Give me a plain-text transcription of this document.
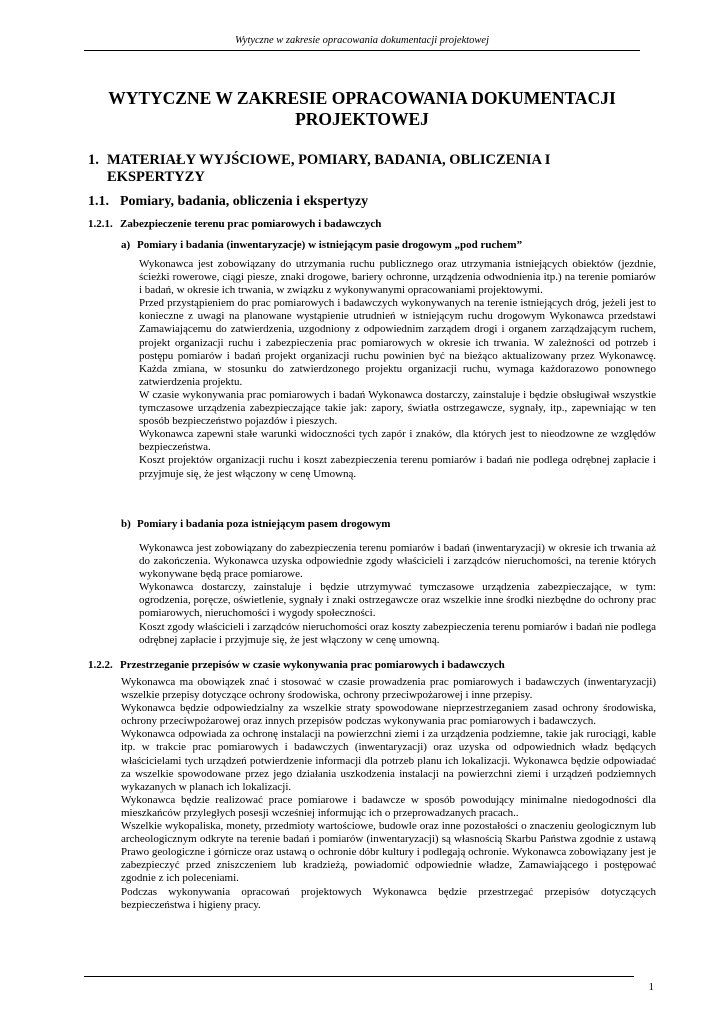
Wytyczne w zakresie opracowania dokumentacji projektowej
WYTYCZNE W ZAKRESIE OPRACOWANIA DOKUMENTACJI PROJEKTOWEJ
1. MATERIAŁY WYJŚCIOWE, POMIARY, BADANIA, OBLICZENIA I EKSPERTYZY
1.1. Pomiary, badania, obliczenia i ekspertyzy
1.2.1. Zabezpieczenie terenu prac pomiarowych i badawczych
a) Pomiary i badania (inwentaryzacje) w istniejącym pasie drogowym „pod ruchem”

Wykonawca jest zobowiązany do utrzymania ruchu publicznego oraz utrzymania istniejących obiektów (jezdnie, ścieżki rowerowe, ciągi piesze, znaki drogowe, bariery ochronne, urządzenia odwodnienia itp.) na terenie pomiarów i badań, w okresie ich trwania, w związku z wykonywanymi opracowaniami projektowymi.

Przed przystąpieniem do prac pomiarowych i badawczych wykonywanych na terenie istniejących dróg, jeżeli jest to konieczne z uwagi na planowane wystąpienie utrudnień w istniejącym ruchu drogowym Wykonawca przedstawi Zamawiającemu do zatwierdzenia, uzgodniony z odpowiednim zarządem drogi i organem zarządzającym ruchem, projekt organizacji ruchu i zabezpieczenia prac pomiarowych w okresie ich trwania. W zależności od potrzeb i postępu pomiarów i badań projekt organizacji ruchu powinien być na bieżąco aktualizowany przez Wykonawcę. Każda zmiana, w stosunku do zatwierdzonego projektu organizacji ruchu, wymaga każdorazowo ponownego zatwierdzenia projektu.

W czasie wykonywania prac pomiarowych i badań Wykonawca dostarczy, zainstaluje i będzie obsługiwał wszystkie tymczasowe urządzenia zabezpieczające takie jak: zapory, światła ostrzegawcze, sygnały, itp., zapewniając w ten sposób bezpieczeństwo pojazdów i pieszych.

Wykonawca zapewni stałe warunki widoczności tych zapór i znaków, dla których jest to nieodzowne ze względów bezpieczeństwa.

Koszt projektów organizacji ruchu i koszt zabezpieczenia terenu pomiarów i badań nie podlega odrębnej zapłacie i przyjmuje się, że jest włączony w cenę Umowną.

b) Pomiary i badania poza istniejącym pasem drogowym

Wykonawca jest zobowiązany do zabezpieczenia terenu pomiarów i badań (inwentaryzacji) w okresie ich trwania aż do zakończenia. Wykonawca uzyska odpowiednie zgody właścicieli i zarządców nieruchomości, na terenie których wykonywane będą prace pomiarowe.

Wykonawca dostarczy, zainstaluje i będzie utrzymywać tymczasowe urządzenia zabezpieczające, w tym: ogrodzenia, poręcze, oświetlenie, sygnały i znaki ostrzegawcze oraz wszelkie inne środki niezbędne do ochrony prac pomiarowych, nieruchomości i wygody społeczności.

Koszt zgody właścicieli i zarządców nieruchomości oraz koszty zabezpieczenia terenu pomiarów i badań nie podlega odrębnej zapłacie i przyjmuje się, że jest włączony w cenę umowną.

1.2.2. Przestrzeganie przepisów w czasie wykonywania prac pomiarowych i badawczych

Wykonawca ma obowiązek znać i stosować w czasie prowadzenia prac pomiarowych i badawczych (inwentaryzacji) wszelkie przepisy dotyczące ochrony środowiska, ochrony przeciwpożarowej i inne przepisy.

Wykonawca będzie odpowiedzialny za wszelkie straty spowodowane nieprzestrzeganiem zasad ochrony środowiska, ochrony przeciwpożarowej oraz innych przepisów podczas wykonywania prac pomiarowych i badawczych.

Wykonawca odpowiada za ochronę instalacji na powierzchni ziemi i za urządzenia podziemne, takie jak rurociągi, kable itp. w trakcie prac pomiarowych i badawczych (inwentaryzacji) oraz uzyska od odpowiednich władz będących właścicielami tych urządzeń potwierdzenie informacji dla potrzeb planu ich lokalizacji. Wykonawca będzie odpowiadać za wszelkie spowodowane przez jego działania uszkodzenia instalacji na powierzchni ziemi i urządzeń podziemnych wykazanych w planach ich lokalizacji.

Wykonawca będzie realizować prace pomiarowe i badawcze w sposób powodujący minimalne niedogodności dla mieszkańców przyległych posesji wcześniej informując ich o przeprowadzanych pracach..

Wszelkie wykopaliska, monety, przedmioty wartościowe, budowle oraz inne pozostałości o znaczeniu geologicznym lub archeologicznym odkryte na terenie badań i pomiarów (inwentaryzacji) są własnością Skarbu Państwa zgodnie z ustawą Prawo geologiczne i górnicze oraz ustawą o ochronie dóbr kultury i podlegają ochronie. Wykonawca zobowiązany jest je zabezpieczyć przed zniszczeniem lub kradzieżą, powiadomić odpowiednie władze, Zamawiającego i postępować zgodnie z ich poleceniami.

Podczas wykonywania opracowań projektowych Wykonawca będzie przestrzegać przepisów dotyczących bezpieczeństwa i higieny pracy.

1
